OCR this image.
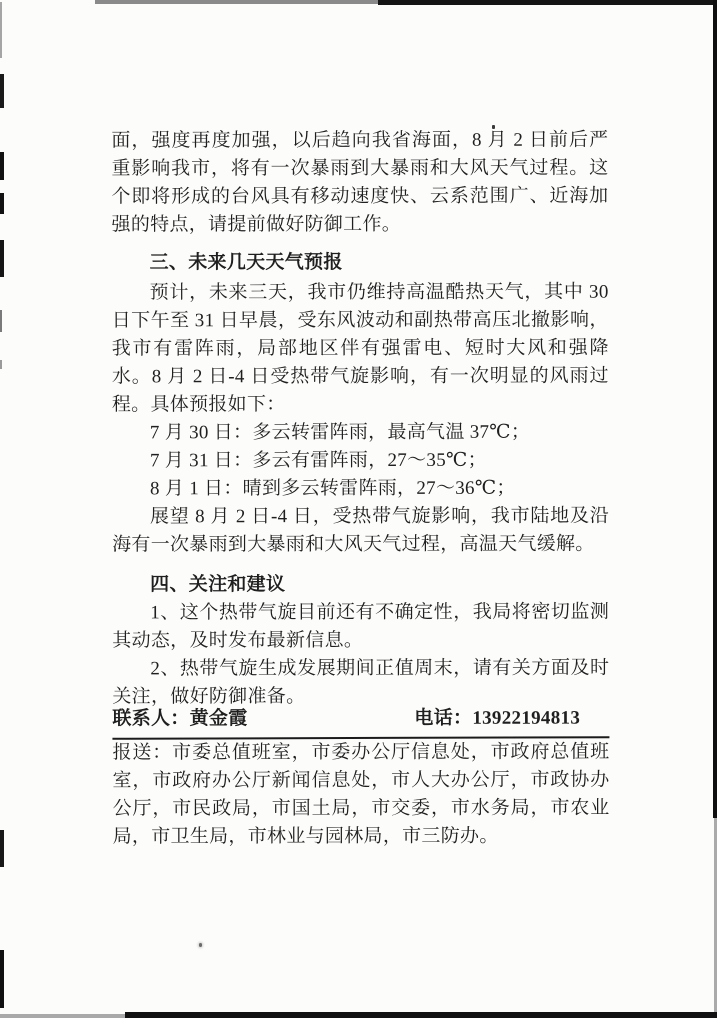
面，强度再度加强，以后趋向我省海面，8 月 2 日前后严重影响我市，将有一次暴雨到大暴雨和大风天气过程。这个即将形成的台风具有移动速度快、云系范围广、近海加强的特点，请提前做好防御工作。

三、未来几天天气预报

预计，未来三天，我市仍维持高温酷热天气，其中 30 日下午至 31 日早晨，受东风波动和副热带高压北撤影响，我市有雷阵雨，局部地区伴有强雷电、短时大风和强降水。8 月 2 日-4 日受热带气旋影响，有一次明显的风雨过程。具体预报如下：

7 月 30 日：多云转雷阵雨，最高气温 37℃；

7 月 31 日：多云有雷阵雨，27～35℃；

8 月 1 日：晴到多云转雷阵雨，27～36℃；

展望 8 月 2 日-4 日，受热带气旋影响，我市陆地及沿海有一次暴雨到大暴雨和大风天气过程，高温天气缓解。

四、关注和建议

1、这个热带气旋目前还有不确定性，我局将密切监测其动态，及时发布最新信息。

2、热带气旋生成发展期间正值周末，请有关方面及时关注，做好防御准备。

联系人：黄金霞	电话：13922194813

报送：市委总值班室，市委办公厅信息处，市政府总值班室，市政府办公厅新闻信息处，市人大办公厅，市政协办公厅，市民政局，市国土局，市交委，市水务局，市农业局，市卫生局，市林业与园林局，市三防办。
